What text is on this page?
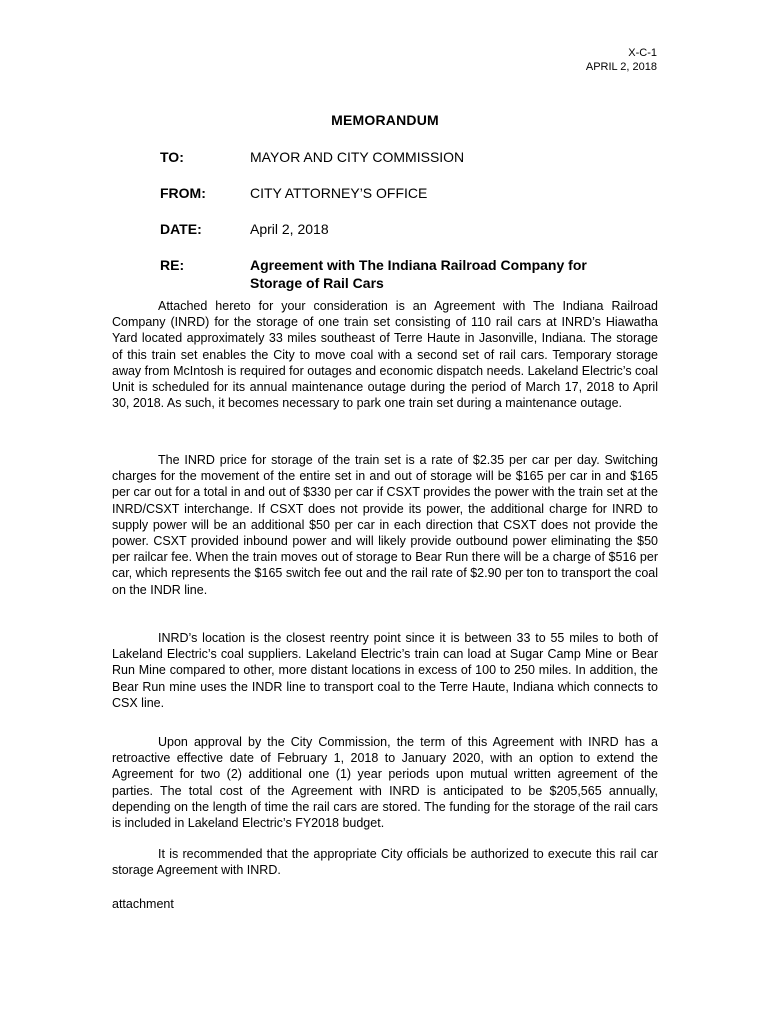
X-C-1
APRIL 2, 2018
MEMORANDUM
TO:	MAYOR AND CITY COMMISSION
FROM:	CITY ATTORNEY’S OFFICE
DATE:	April 2, 2018
RE:	Agreement with The Indiana Railroad Company for Storage of Rail Cars

Attached hereto for your consideration is an Agreement with The Indiana Railroad Company (INRD) for the storage of one train set consisting of 110 rail cars at INRD’s Hiawatha Yard located approximately 33 miles southeast of Terre Haute in Jasonville, Indiana. The storage of this train set enables the City to move coal with a second set of rail cars. Temporary storage away from McIntosh is required for outages and economic dispatch needs. Lakeland Electric’s coal Unit is scheduled for its annual maintenance outage during the period of March 17, 2018 to April 30, 2018. As such, it becomes necessary to park one train set during a maintenance outage.

The INRD price for storage of the train set is a rate of $2.35 per car per day. Switching charges for the movement of the entire set in and out of storage will be $165 per car in and $165 per car out for a total in and out of $330 per car if CSXT provides the power with the train set at the INRD/CSXT interchange. If CSXT does not provide its power, the additional charge for INRD to supply power will be an additional $50 per car in each direction that CSXT does not provide the power. CSXT provided inbound power and will likely provide outbound power eliminating the $50 per railcar fee. When the train moves out of storage to Bear Run there will be a charge of $516 per car, which represents the $165 switch fee out and the rail rate of $2.90 per ton to transport the coal on the INDR line.

INRD’s location is the closest reentry point since it is between 33 to 55 miles to both of Lakeland Electric’s coal suppliers. Lakeland Electric’s train can load at Sugar Camp Mine or Bear Run Mine compared to other, more distant locations in excess of 100 to 250 miles. In addition, the Bear Run mine uses the INDR line to transport coal to the Terre Haute, Indiana which connects to CSX line.

Upon approval by the City Commission, the term of this Agreement with INRD has a retroactive effective date of February 1, 2018 to January 2020, with an option to extend the Agreement for two (2) additional one (1) year periods upon mutual written agreement of the parties. The total cost of the Agreement with INRD is anticipated to be $205,565 annually, depending on the length of time the rail cars are stored. The funding for the storage of the rail cars is included in Lakeland Electric’s FY2018 budget.

It is recommended that the appropriate City officials be authorized to execute this rail car storage Agreement with INRD.

attachment
